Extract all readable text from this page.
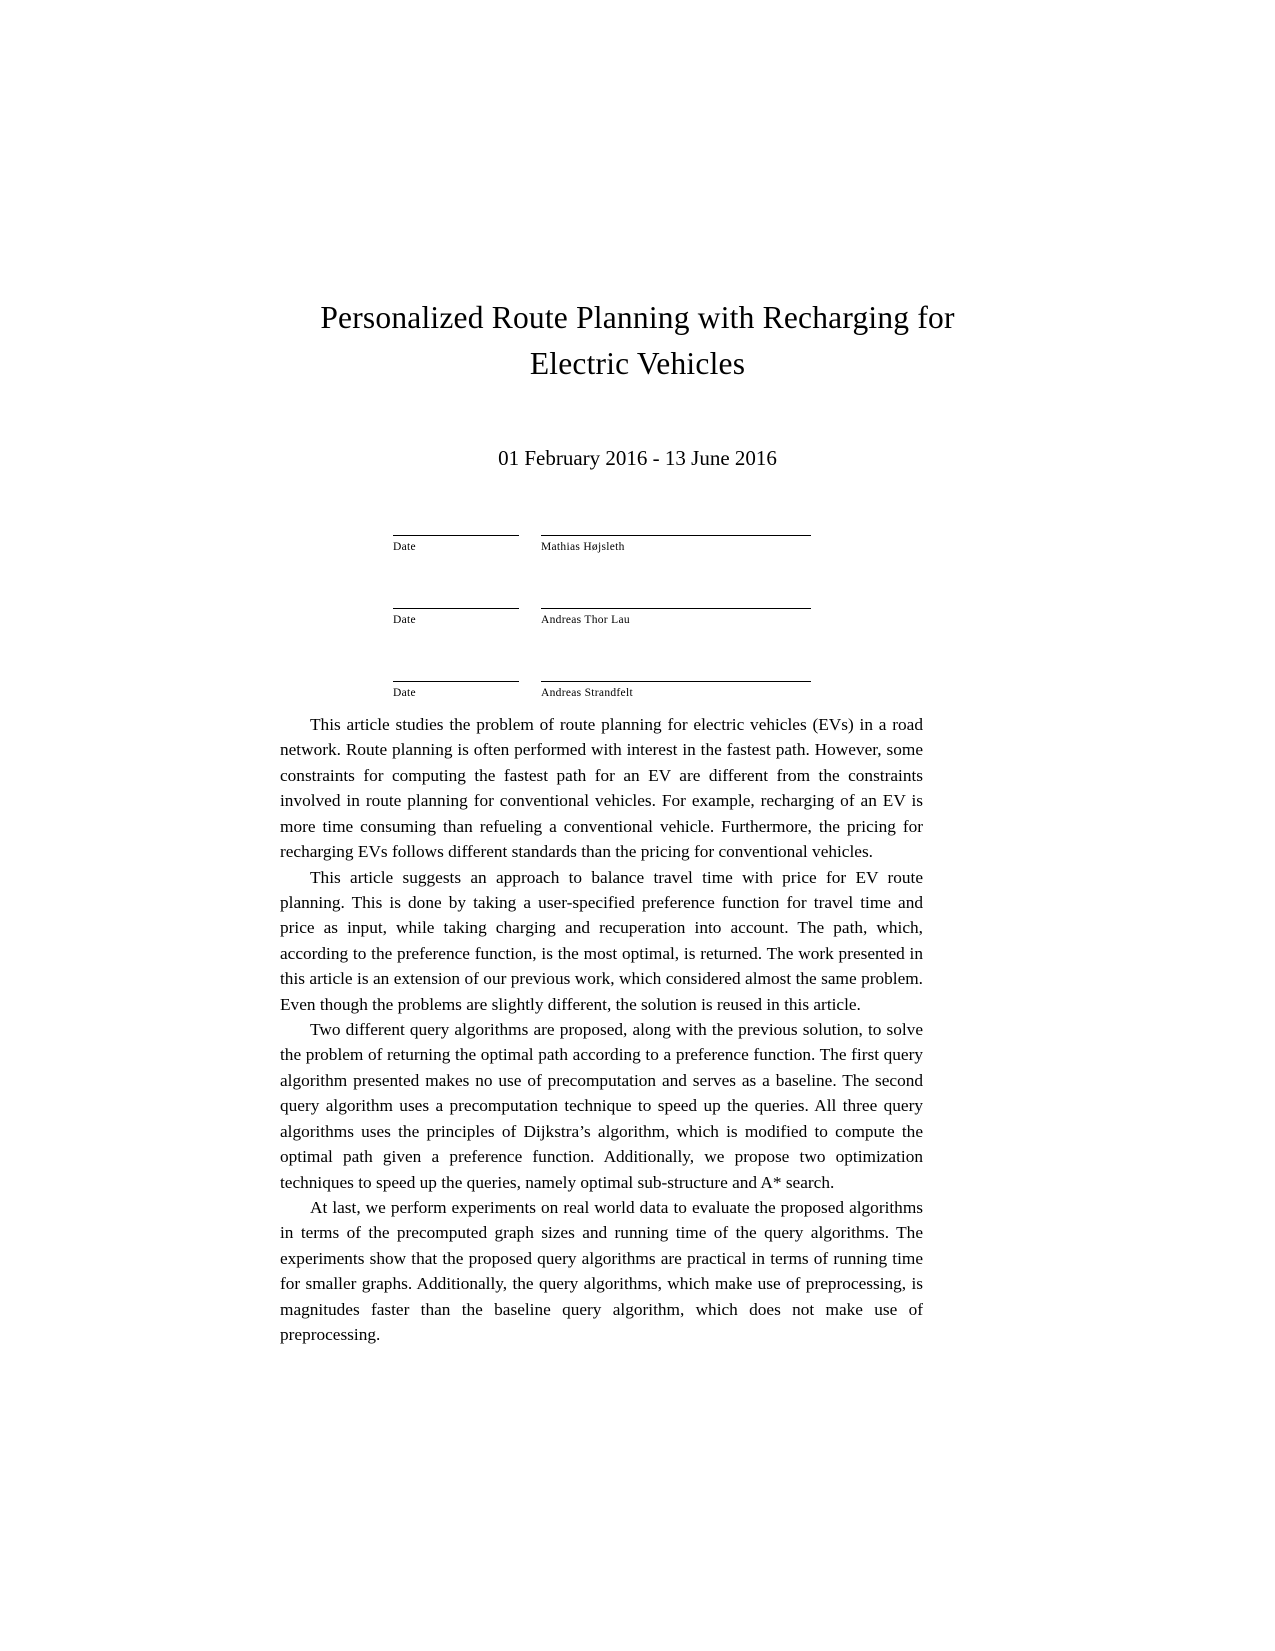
Personalized Route Planning with Recharging for Electric Vehicles
01 February 2016 - 13 June 2016
Date	Mathias Højsleth
Date	Andreas Thor Lau
Date	Andreas Strandfelt

This article studies the problem of route planning for electric vehicles (EVs) in a road network. Route planning is often performed with interest in the fastest path. However, some constraints for computing the fastest path for an EV are different from the constraints involved in route planning for conventional vehicles. For example, recharging of an EV is more time consuming than refueling a conventional vehicle. Furthermore, the pricing for recharging EVs follows different standards than the pricing for conventional vehicles.

This article suggests an approach to balance travel time with price for EV route planning. This is done by taking a user-specified preference function for travel time and price as input, while taking charging and recuperation into account. The path, which, according to the preference function, is the most optimal, is returned. The work presented in this article is an extension of our previous work, which considered almost the same problem. Even though the problems are slightly different, the solution is reused in this article.

Two different query algorithms are proposed, along with the previous solution, to solve the problem of returning the optimal path according to a preference function. The first query algorithm presented makes no use of precomputation and serves as a baseline. The second query algorithm uses a precomputation technique to speed up the queries. All three query algorithms uses the principles of Dijkstra’s algorithm, which is modified to compute the optimal path given a preference function. Additionally, we propose two optimization techniques to speed up the queries, namely optimal sub-structure and A* search.

At last, we perform experiments on real world data to evaluate the proposed algorithms in terms of the precomputed graph sizes and running time of the query algorithms. The experiments show that the proposed query algorithms are practical in terms of running time for smaller graphs. Additionally, the query algorithms, which make use of preprocessing, is magnitudes faster than the baseline query algorithm, which does not make use of preprocessing.
